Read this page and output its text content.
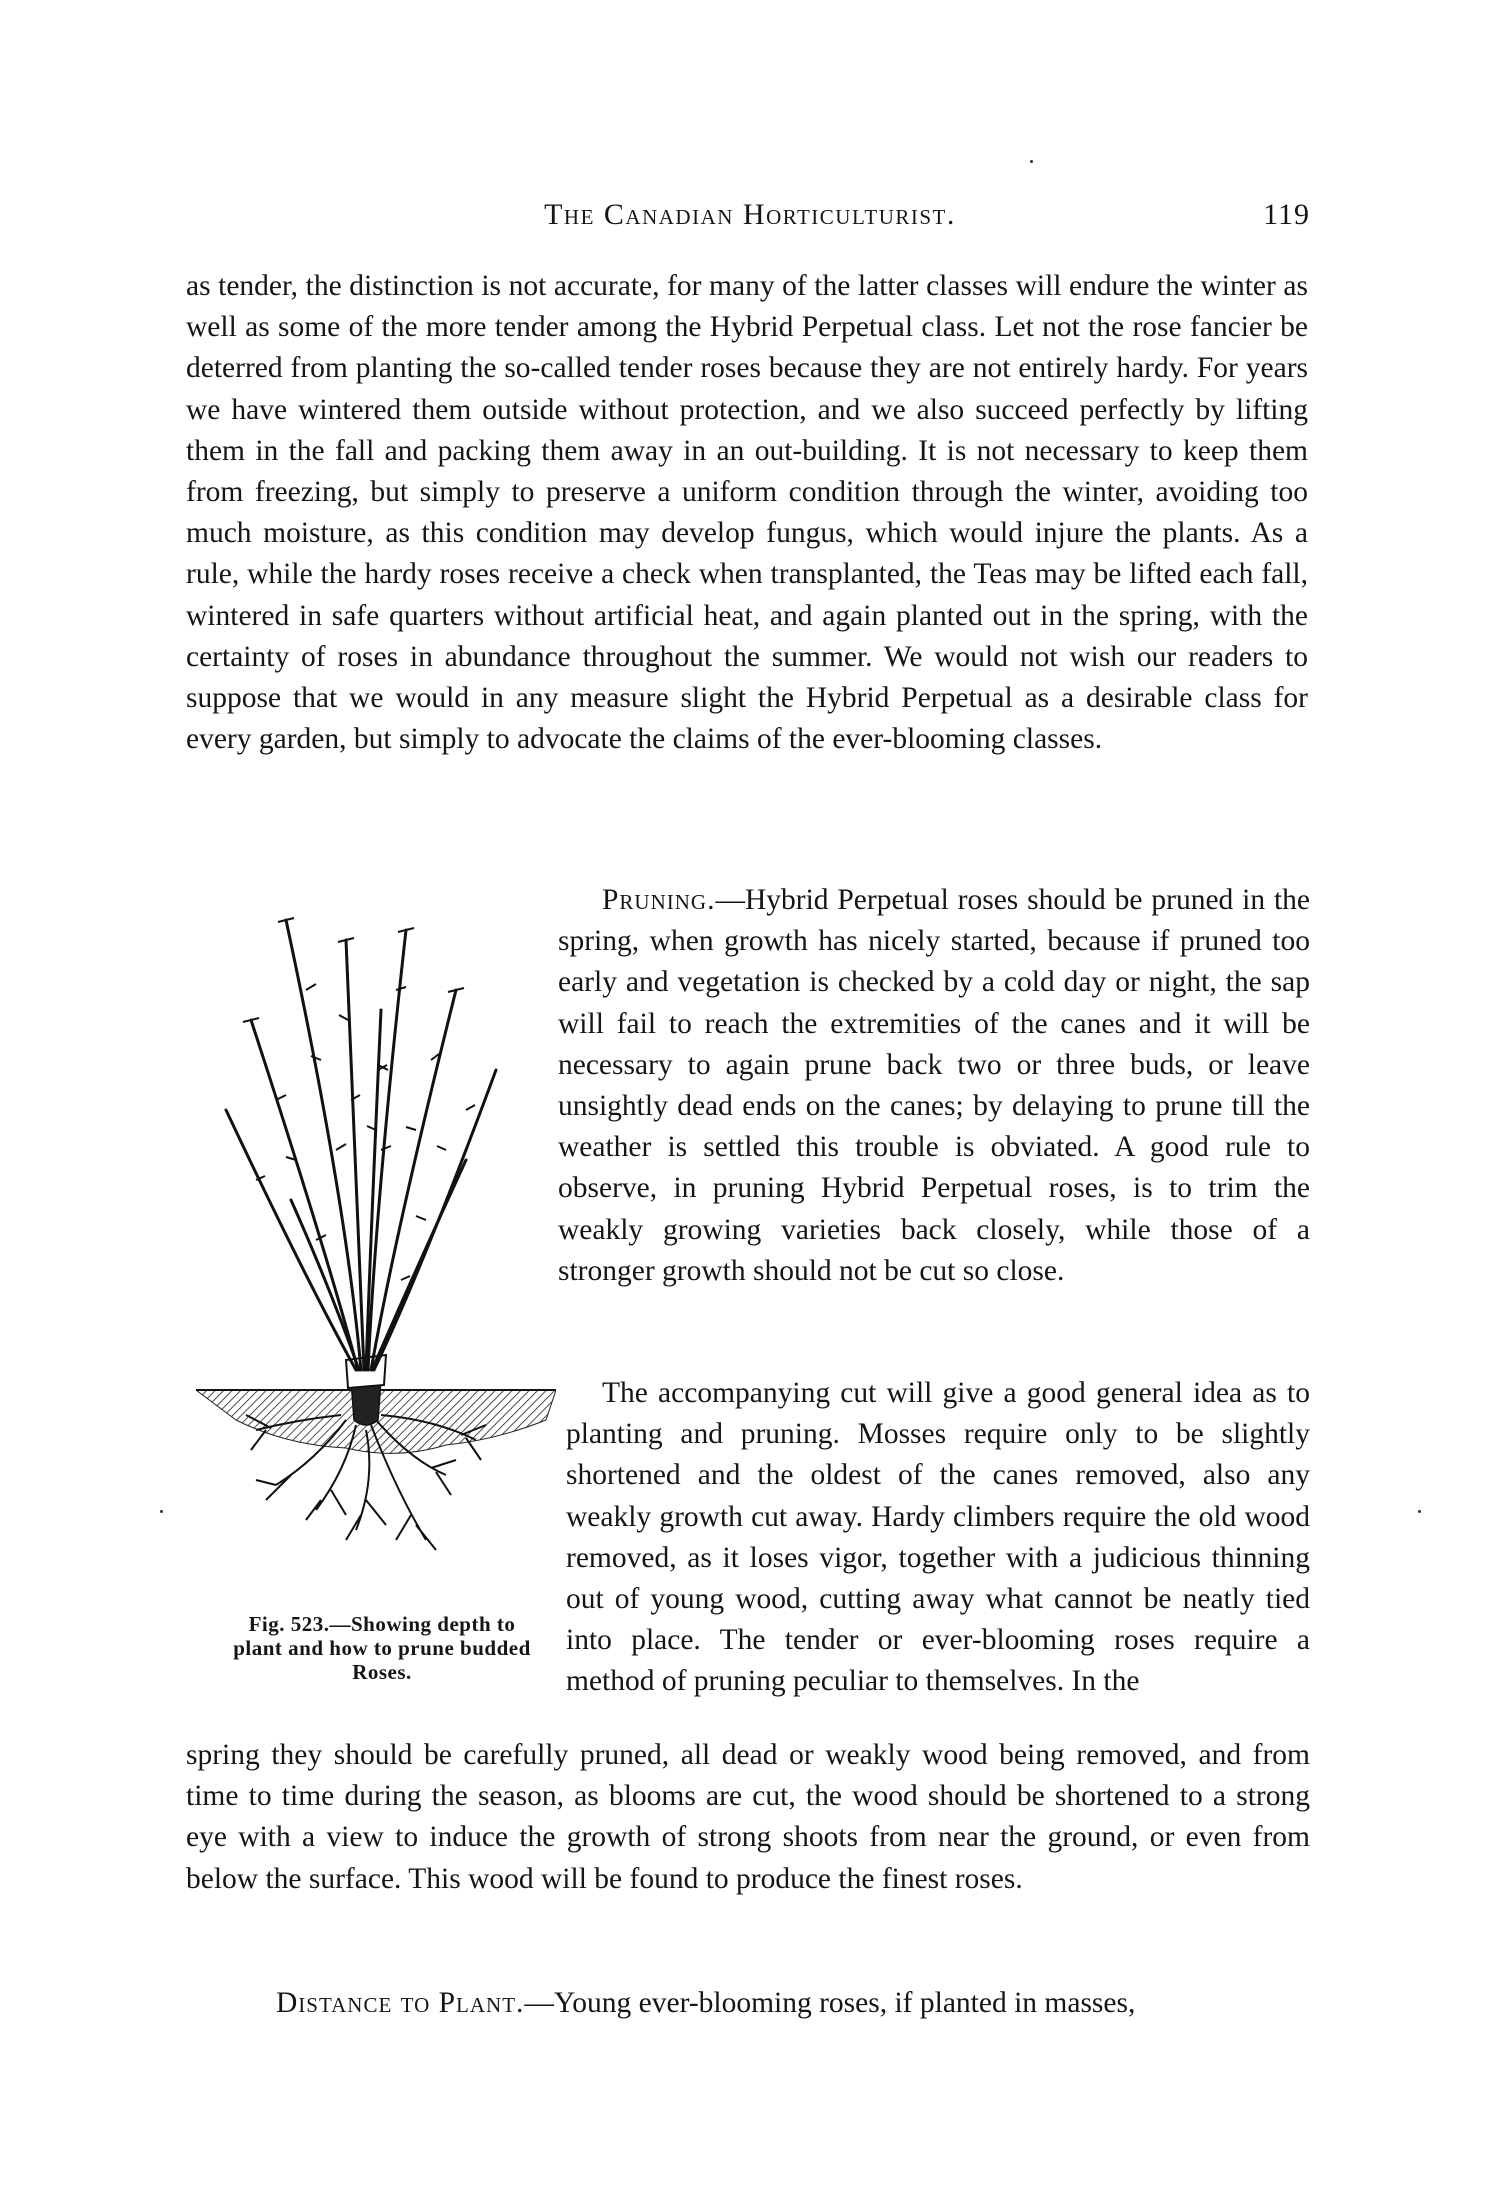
The Canadian Horticulturist.	119

as tender, the distinction is not accurate, for many of the latter classes will endure the winter as well as some of the more tender among the Hybrid Perpetual class. Let not the rose fancier be deterred from planting the so-called tender roses because they are not entirely hardy. For years we have wintered them outside without protection, and we also succeed perfectly by lifting them in the fall and packing them away in an out-building. It is not necessary to keep them from freezing, but simply to preserve a uniform condition through the winter, avoiding too much moisture, as this condition may develop fungus, which would injure the plants. As a rule, while the hardy roses receive a check when transplanted, the Teas may be lifted each fall, wintered in safe quarters without artificial heat, and again planted out in the spring, with the certainty of roses in abundance throughout the summer. We would not wish our readers to suppose that we would in any measure slight the Hybrid Perpetual as a desirable class for every garden, but simply to advocate the claims of the ever-blooming classes.

Pruning.—Hybrid Perpetual roses should be pruned in the spring, when growth has nicely started, because if pruned too early and vegetation is checked by a cold day or night, the sap will fail to reach the extremities of the canes and it will be necessary to again prune back two or three buds, or leave unsightly dead ends on the canes; by delaying to prune till the weather is settled this trouble is obviated. A good rule to observe, in pruning Hybrid Perpetual roses, is to trim the weakly growing varieties back closely, while those of a stronger growth should not be cut so close.

The accompanying cut will give a good general idea as to planting and pruning. Mosses require only to be slightly shortened and the oldest of the canes removed, also any weakly growth cut away. Hardy climbers require the old wood removed, as it loses vigor, together with a judicious thinning out of young wood, cutting away what cannot be neatly tied into place. The tender or ever-blooming roses require a method of pruning peculiar to themselves. In the

spring they should be carefully pruned, all dead or weakly wood being removed, and from time to time during the season, as blooms are cut, the wood should be shortened to a strong eye with a view to induce the growth of strong shoots from near the ground, or even from below the surface. This wood will be found to produce the finest roses.

Distance to Plant.—Young ever-blooming roses, if planted in masses,

Fig. 523.—Showing depth to plant and how to prune budded Roses.
